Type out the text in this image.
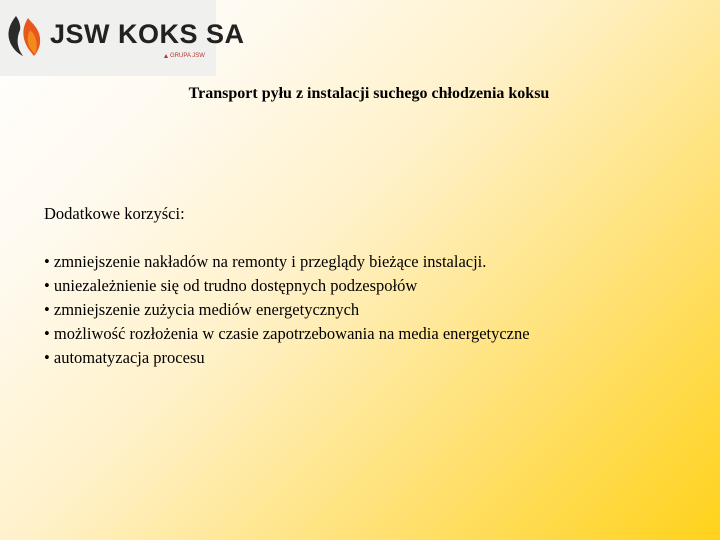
JSW KOKS SA
GRUPA JSW
Transport pyłu z instalacji suchego chłodzenia koksu
Dodatkowe korzyści:
• zmniejszenie nakładów na remonty i przeglądy bieżące instalacji.
• uniezależnienie się od trudno dostępnych podzespołów
• zmniejszenie zużycia mediów energetycznych
• możliwość rozłożenia w czasie zapotrzebowania na media energetyczne
• automatyzacja procesu
